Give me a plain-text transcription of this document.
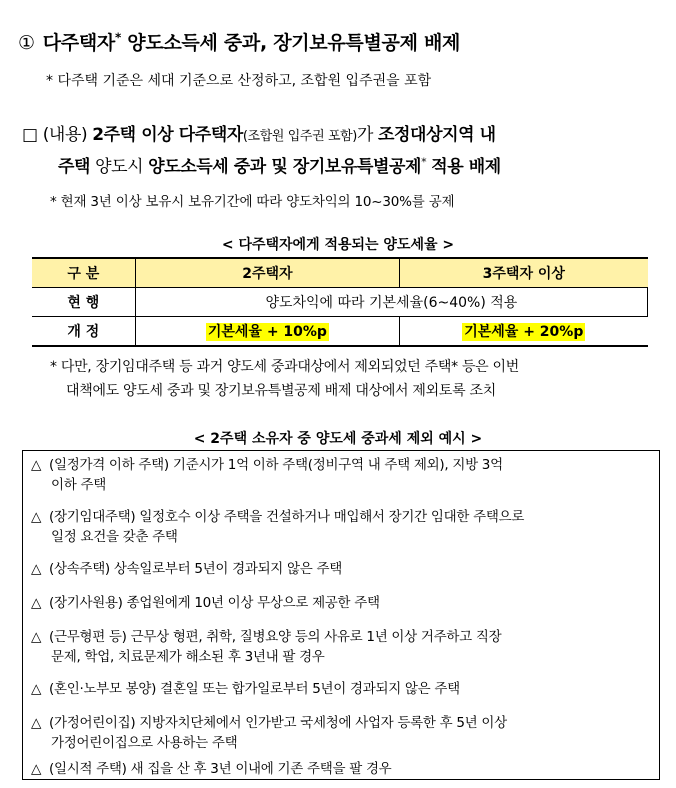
① 다주택자* 양도소득세 중과, 장기보유특별공제 배제
* 다주택 기준은 세대 기준으로 산정하고, 조합원 입주권을 포함
□ (내용) 2주택 이상 다주택자(조합원 입주권 포함)가 조정대상지역 내
주택 양도시 양도소득세 중과 및 장기보유특별공제* 적용 배제
* 현재 3년 이상 보유시 보유기간에 따라 양도차익의 10~30%를 공제
< 다주택자에게 적용되는 양도세율 >
구 분	2주택자	3주택자 이상
현 행	양도차익에 따라 기본세율(6~40%) 적용	
개 정	기본세율 + 10%p	기본세율 + 20%p
* 다만, 장기임대주택 등 과거 양도세 중과대상에서 제외되었던 주택* 등은 이번
대책에도 양도세 중과 및 장기보유특별공제 배제 대상에서 제외토록 조치
< 2주택 소유자 중 양도세 중과세 제외 예시 >
△ (일정가격 이하 주택) 기준시가 1억 이하 주택(정비구역 내 주택 제외), 지방 3억
이하 주택
△ (장기임대주택) 일정호수 이상 주택을 건설하거나 매입해서 장기간 임대한 주택으로
일정 요건을 갖춘 주택
△ (상속주택) 상속일로부터 5년이 경과되지 않은 주택
△ (장기사원용) 종업원에게 10년 이상 무상으로 제공한 주택
△ (근무형편 등) 근무상 형편, 취학, 질병요양 등의 사유로 1년 이상 거주하고 직장
문제, 학업, 치료문제가 해소된 후 3년내 팔 경우
△ (혼인·노부모 봉양) 결혼일 또는 합가일로부터 5년이 경과되지 않은 주택
△ (가정어린이집) 지방자치단체에서 인가받고 국세청에 사업자 등록한 후 5년 이상
가정어린이집으로 사용하는 주택
△ (일시적 주택) 새 집을 산 후 3년 이내에 기존 주택을 팔 경우
